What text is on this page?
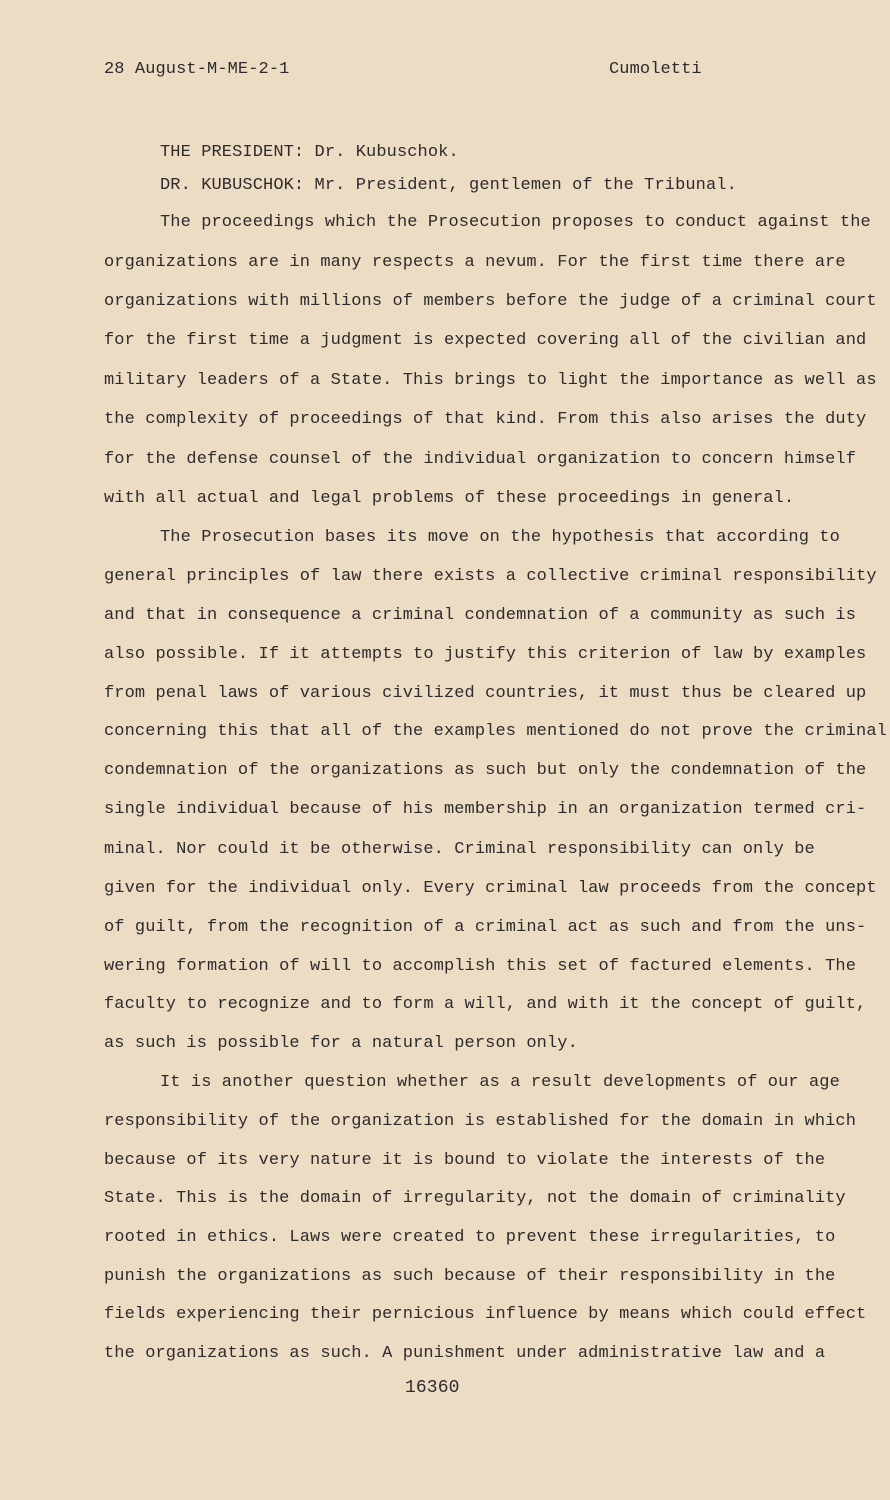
28 August-M-ME-2-1	Cumoletti
THE PRESIDENT: Dr. Kubuschok.
DR. KUBUSCHOK: Mr. President, gentlemen of the Tribunal.
The proceedings which the Prosecution proposes to conduct against the
organizations are in many respects a nevum. For the first time there are
organizations with millions of members before the judge of a criminal court
for the first time a judgment is expected covering all of the civilian and
military leaders of a State. This brings to light the importance as well as
the complexity of proceedings of that kind. From this also arises the duty
for the defense counsel of the individual organization to concern himself
with all actual and legal problems of these proceedings in general.
The Prosecution bases its move on the hypothesis that according to
general principles of law there exists a collective criminal responsibility
and that in consequence a criminal condemnation of a community as such is
also possible. If it attempts to justify this criterion of law by examples
from penal laws of various civilized countries, it must thus be cleared up
concerning this that all of the examples mentioned do not prove the criminal
condemnation of the organizations as such but only the condemnation of the
single individual because of his membership in an organization termed cri-
minal. Nor could it be otherwise. Criminal responsibility can only be
given for the individual only. Every criminal law proceeds from the concept
of guilt, from the recognition of a criminal act as such and from the uns-
wering formation of will to accomplish this set of factured elements. The
faculty to recognize and to form a will, and with it the concept of guilt,
as such is possible for a natural person only.
It is another question whether as a result developments of our age
responsibility of the organization is established for the domain in which
because of its very nature it is bound to violate the interests of the
State. This is the domain of irregularity, not the domain of criminality
rooted in ethics. Laws were created to prevent these irregularities, to
punish the organizations as such because of their responsibility in the
fields experiencing their pernicious influence by means which could effect
the organizations as such. A punishment under administrative law and a
16360
